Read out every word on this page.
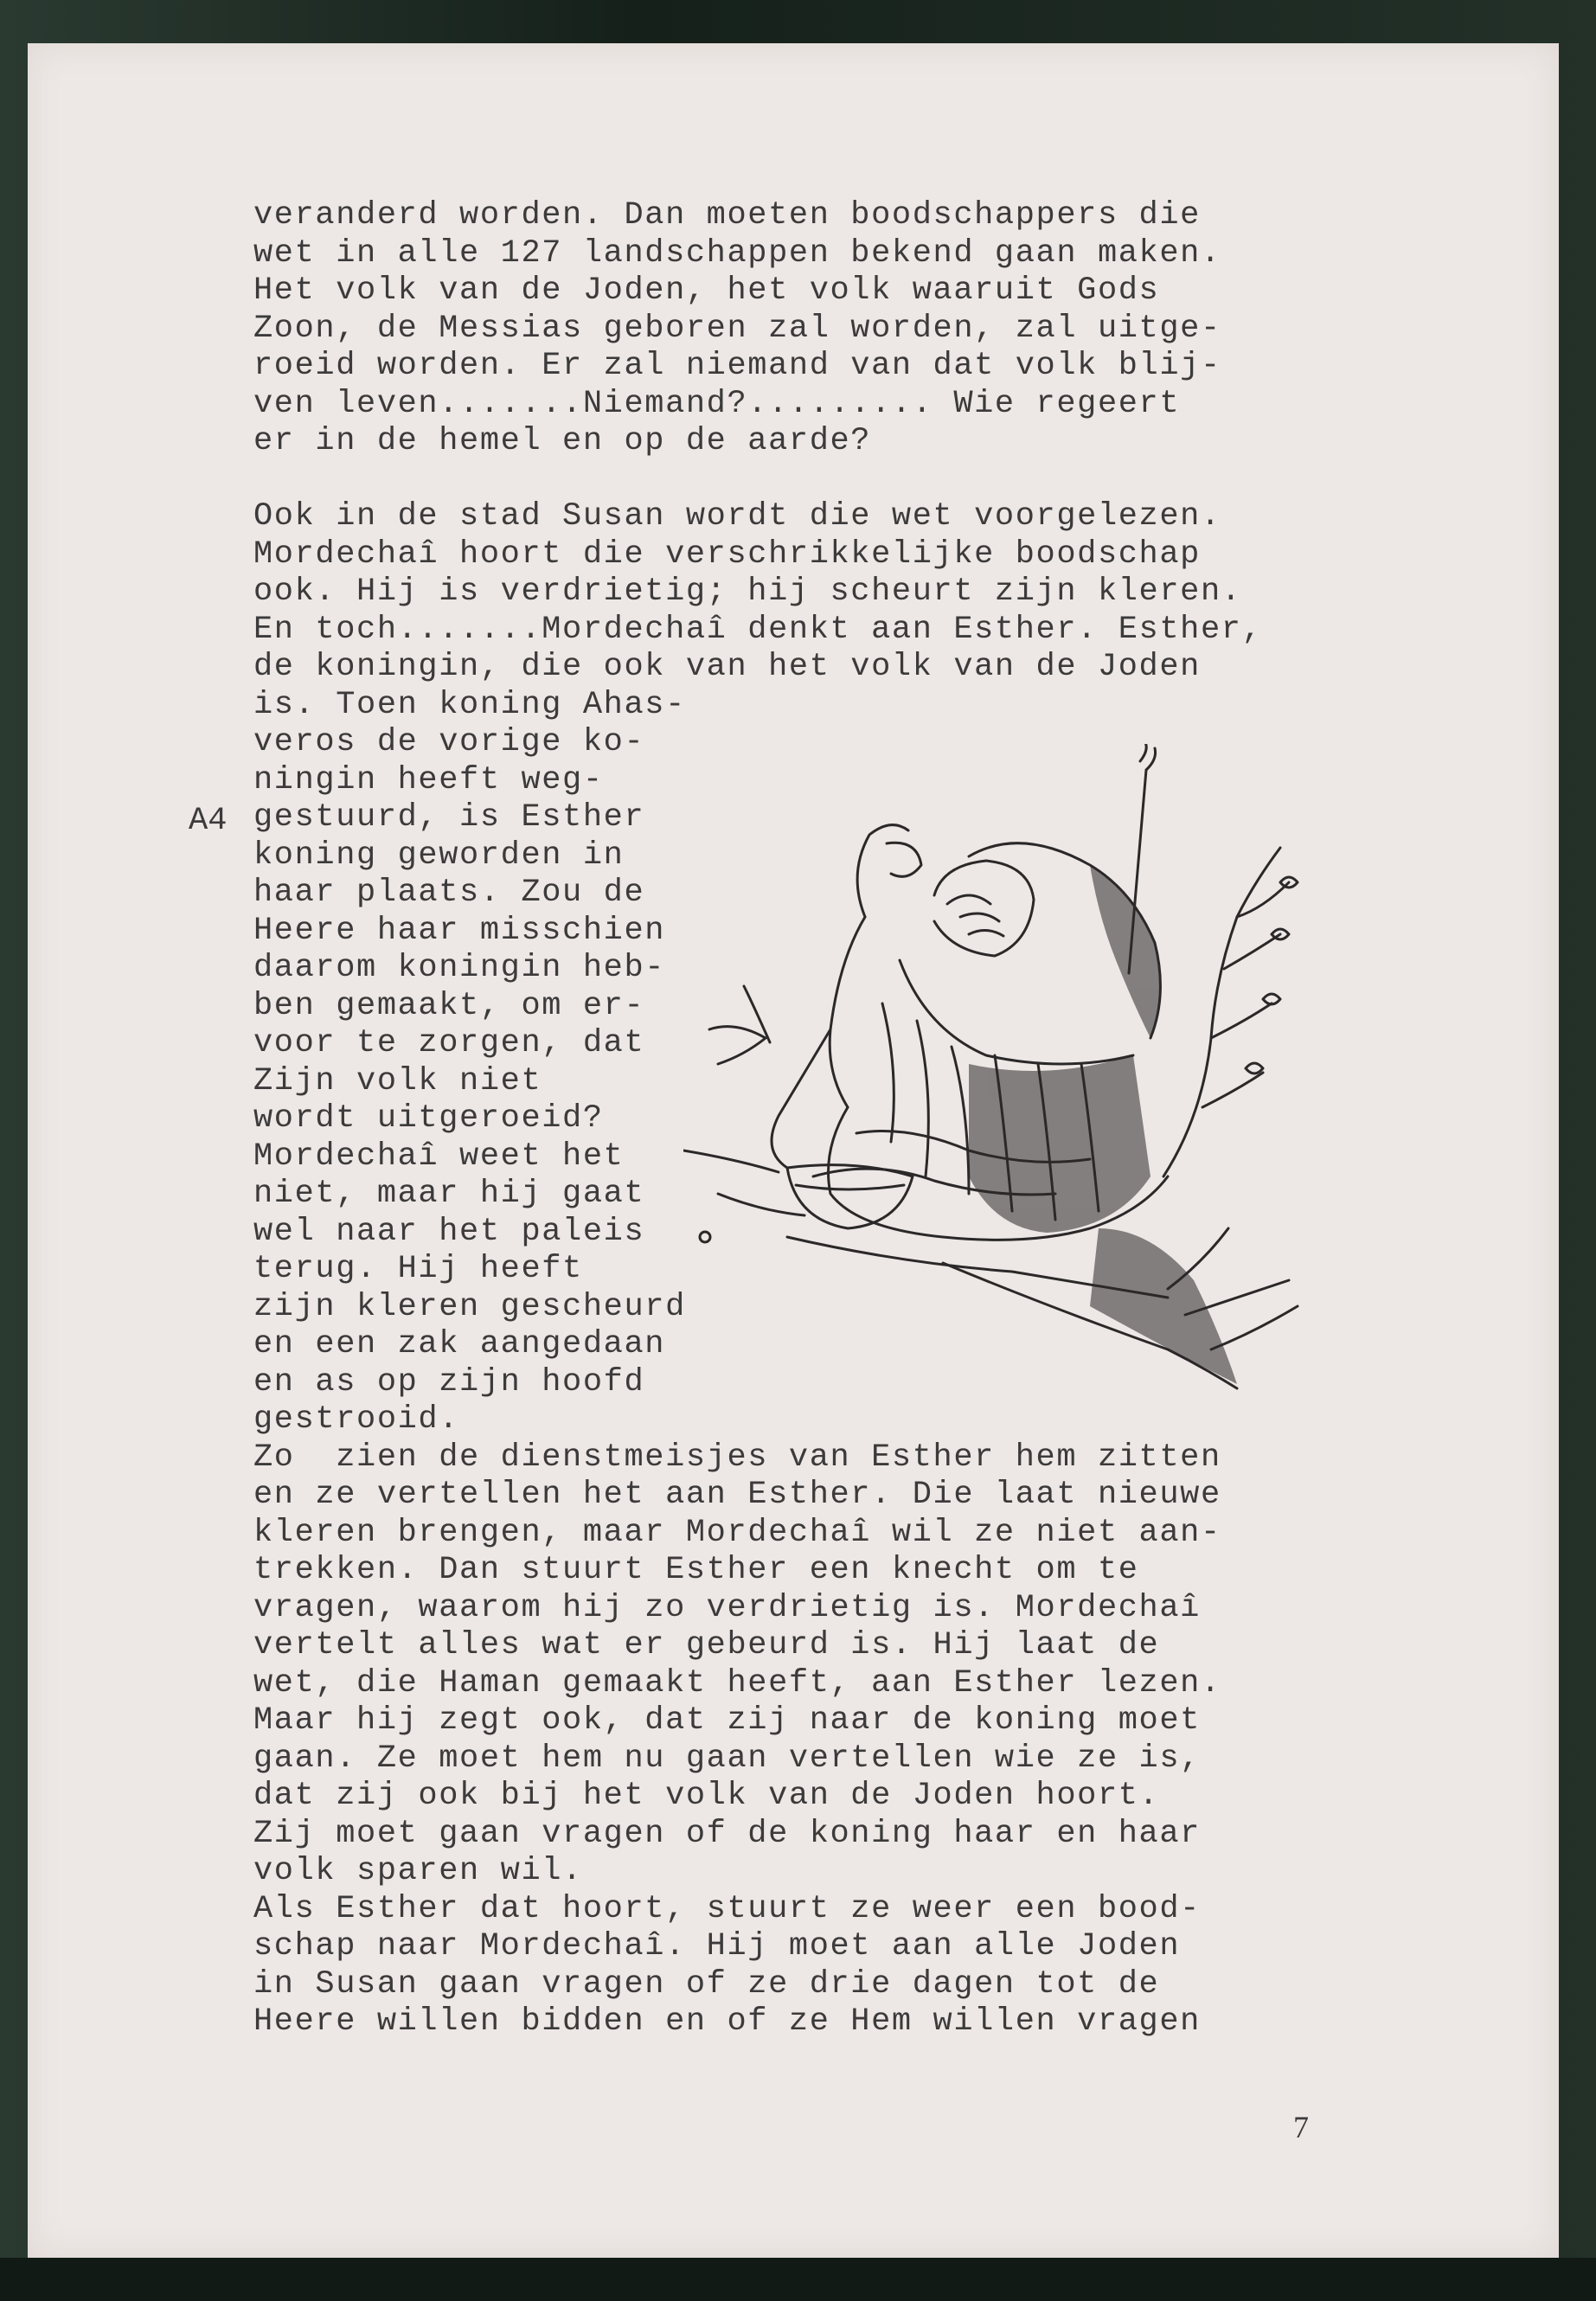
veranderd worden. Dan moeten boodschappers die
wet in alle 127 landschappen bekend gaan maken.
Het volk van de Joden, het volk waaruit Gods
Zoon, de Messias geboren zal worden, zal uitge-
roeid worden. Er zal niemand van dat volk blij-
ven leven.......Niemand?......... Wie regeert
er in de hemel en op de aarde?
Ook in de stad Susan wordt die wet voorgelezen.
Mordechaî hoort die verschrikkelijke boodschap
ook. Hij is verdrietig; hij scheurt zijn kleren.
En toch.......Mordechaî denkt aan Esther. Esther,
de koningin, die ook van het volk van de Joden
is. Toen koning Ahas-
veros de vorige ko-
ningin heeft weg-
gestuurd, is Esther
koning geworden in
haar plaats. Zou de
Heere haar misschien
daarom koningin heb-
ben gemaakt, om er-
voor te zorgen, dat
Zijn volk niet
wordt uitgeroeid?
Mordechaî weet het
niet, maar hij gaat
wel naar het paleis
terug. Hij heeft
zijn kleren gescheurd
en een zak aangedaan
en as op zijn hoofd
gestrooid.
Zo  zien de dienstmeisjes van Esther hem zitten
en ze vertellen het aan Esther. Die laat nieuwe
kleren brengen, maar Mordechaî wil ze niet aan-
trekken. Dan stuurt Esther een knecht om te
vragen, waarom hij zo verdrietig is. Mordechaî
vertelt alles wat er gebeurd is. Hij laat de
wet, die Haman gemaakt heeft, aan Esther lezen.
Maar hij zegt ook, dat zij naar de koning moet
gaan. Ze moet hem nu gaan vertellen wie ze is,
dat zij ook bij het volk van de Joden hoort.
Zij moet gaan vragen of de koning haar en haar
volk sparen wil.
Als Esther dat hoort, stuurt ze weer een bood-
schap naar Mordechaî. Hij moet aan alle Joden
in Susan gaan vragen of ze drie dagen tot de
Heere willen bidden en of ze Hem willen vragen
A4
7
